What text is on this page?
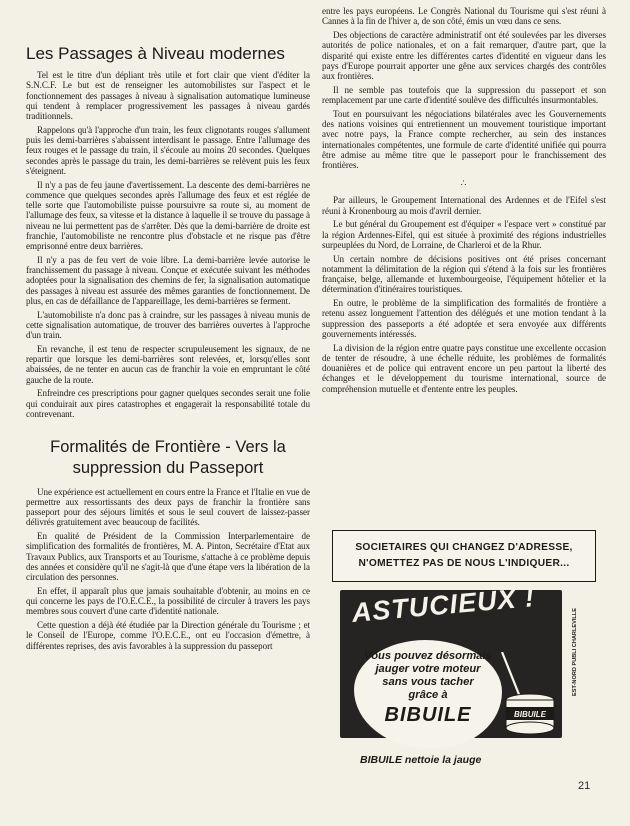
Les Passages à Niveau modernes

Tel est le titre d'un dépliant très utile et fort clair que vient d'éditer la S.N.C.F. Le but est de renseigner les automobilistes sur l'aspect et le fonctionnement des passages à niveau à signalisation automatique lumineuse qui tendent à remplacer progressivement les passages à niveau gardés traditionnels.

Rappelons qu'à l'approche d'un train, les feux clignotants rouges s'allument puis les demi-barrières s'abaissent interdisant le passage. Entre l'allumage des feux rouges et le passage du train, il s'écoule au moins 20 secondes. Quelques secondes après le passage du train, les demi-barrières se relèvent puis les feux s'éteignent.

Il n'y a pas de feu jaune d'avertissement. La descente des demi-barrières ne commence que quelques secondes après l'allumage des feux et est réglée de telle sorte que l'automobiliste puisse poursuivre sa route si, au moment de l'allumage des feux, sa vitesse et la distance à laquelle il se trouve du passage à niveau ne lui permettent pas de s'arrêter. Dès que la demi-barrière de droite est franchie, l'automobiliste ne rencontre plus d'obstacle et ne risque pas d'être emprisonné entre deux barrières.

Il n'y a pas de feu vert de voie libre. La demi-barrière levée autorise le franchissement du passage à niveau. Conçue et exécutée suivant les méthodes adoptées pour la signalisation des chemins de fer, la signalisation automatique des passages à niveau est assurée des mêmes garanties de fonctionnement. De plus, en cas de défaillance de l'appareillage, les demi-barrières se ferment.

L'automobiliste n'a donc pas à craindre, sur les passages à niveau munis de cette signalisation automatique, de trouver des barrières ouvertes à l'approche d'un train.

En revanche, il est tenu de respecter scrupuleusement les signaux, de ne repartir que lorsque les demi-barrières sont relevées, et, lorsqu'elles sont abaissées, de ne tenter en aucun cas de franchir la voie en empruntant le côté gauche de la route.

Enfreindre ces prescriptions pour gagner quelques secondes serait une folie qui conduirait aux pires catastrophes et engagerait la responsabilité totale du contrevenant.

Formalités de Frontière - Vers la
suppression du Passeport

Une expérience est actuellement en cours entre la France et l'Italie en vue de permettre aux ressortissants des deux pays de franchir la frontière sans passeport pour des séjours limités et sous le seul couvert de laissez-passer délivrés gratuitement avec beaucoup de facilités.

En qualité de Président de la Commission Interparlementaire de simplification des formalités de frontières, M. A. Pinton, Secrétaire d'Etat aux Travaux Publics, aux Transports et au Tourisme, s'attache à ce problème depuis des années et considère qu'il ne s'agit-là que d'une étape vers la libération de la circulation des personnes.

En effet, il apparaît plus que jamais souhaitable d'obtenir, au moins en ce qui concerne les pays de l'O.E.C.E., la possibilité de circuler à travers les pays membres sous couvert d'une carte d'identité nationale.

Cette question a déjà été étudiée par la Direction générale du Tourisme ; et le Conseil de l'Europe, comme l'O.E.C.E., ont eu l'occasion d'émettre, à différentes reprises, des avis favorables à la suppression du passeport

entre les pays européens. Le Congrès National du Tourisme qui s'est réuni à Cannes à la fin de l'hiver a, de son côté, émis un vœu dans ce sens.

Des objections de caractère administratif ont été soulevées par les diverses autorités de police nationales, et on a fait remarquer, d'autre part, que la disparité qui existe entre les différentes cartes d'identité en vigueur dans les pays d'Europe pourrait apporter une gêne aux services chargés des contrôles aux frontières.

Il ne semble pas toutefois que la suppression du passeport et son remplacement par une carte d'identité soulève des difficultés insurmontables.

Tout en poursuivant les négociations bilatérales avec les Gouvernements des nations voisines qui entretiennent un mouvement touristique important avec notre pays, la France compte rechercher, au sein des instances internationales compétentes, une formule de carte d'identité unifiée qui pourra être admise au même titre que le passeport pour le franchissement des frontières.

∴

Par ailleurs, le Groupement International des Ardennes et de l'Eifel s'est réuni à Kronenbourg au mois d'avril dernier.

Le but général du Groupement est d'équiper « l'espace vert » constitué par la région Ardennes-Eifel, qui est située à proximité des régions industrielles surpeuplées du Nord, de Lorraine, de Charleroi et de la Rhur.

Un certain nombre de décisions positives ont été prises concernant notamment la délimitation de la région qui s'étend à la fois sur les frontières française, belge, allemande et luxembourgeoise, l'équipement hôtelier et la détermination d'itinéraires touristiques.

En outre, le problème de la simplification des formalités de frontière a retenu assez longuement l'attention des délégués et une motion tendant à la suppression des passeports a été adoptée et sera envoyée aux différents gouvernements intéressés.

La division de la région entre quatre pays constitue une excellente occasion de tenter de résoudre, à une échelle réduite, les problèmes de formalités douanières et de police qui entravent encore un peu partout la liberté des échanges et le développement du tourisme international, source de compréhension mutuelle et d'entente entre les peuples.

SOCIETAIRES QUI CHANGEZ D'ADRESSE,
N'OMETTEZ PAS DE NOUS L'INDIQUER...
ASTUCIEUX !
Vous pouvez désormais
jauger votre moteur
sans vous tacher
grâce à
BIBUILE	BIBUILE
BIBUILE nettoie la jauge
EST-NORD PUBLI CHARLEVILLE
21
